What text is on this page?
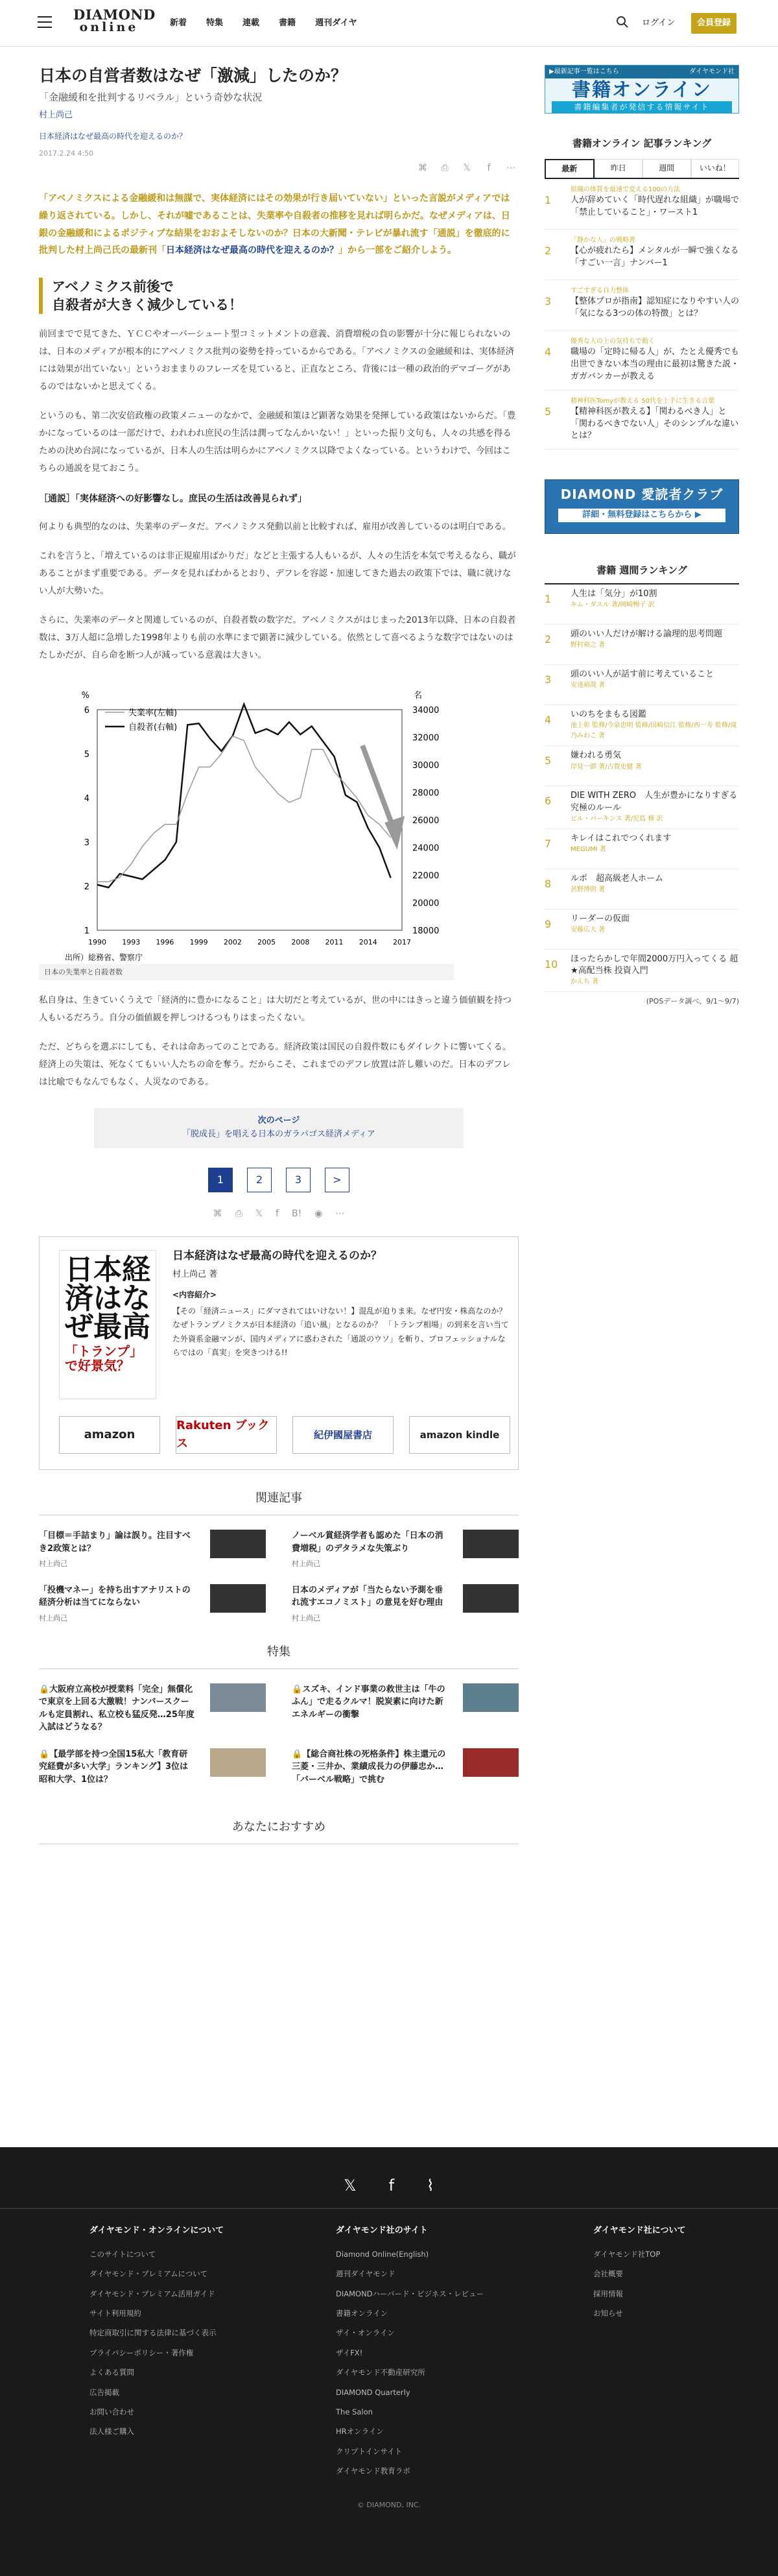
DIAMOND
online	新着 特集 連載 書籍 週刊ダイヤ	ログイン	会員登録
日本の自営者数はなぜ「激減」したのか？
「金融緩和を批判するリベラル」という奇妙な状況
村上尚己
日本経済はなぜ最高の時代を迎えるのか？
2017.2.24 4:50
⌘	⎙	𝕏	f	⋯
「アベノミクスによる金融緩和は無謀で、実体経済にはその効果が行き届いていない」といった言説がメディアでは繰り返されている。しかし、それが嘘であることは、失業率や自殺者の推移を見れば明らかだ。なぜメディアは、日銀の金融緩和によるポジティブな結果をおおよそしないのか？日本の大新聞・テレビが暴れ流す「通説」を徹底的に批判した村上尚己氏の最新刊「日本経済はなぜ最高の時代を迎えるのか？」から一部をご紹介しよう。
アベノミクス前後で
自殺者が大きく減少している！
前回までで見てきた、ＹＣＣやオーバーシュート型コミットメントの意義、消費増税の負の影響が十分に報じられないのは、日本のメディアが根本的にアベノミクス批判の姿勢を持っているからである。「アベノミクスの金融緩和は、実体経済には効果が出ていない」というおままりのフレーズを見ていると、正直なところ、背後には一種の政治的デマゴーグがあるのではないかと思えてくる。
というのも、第二次安倍政権の政策メニューのなかで、金融緩和策ほど顕著な効果を発揮している政策はないからだ。「豊かになっているのは一部だけで、われわれ庶民の生活は潤ってなんかいない！」といった振り文句も、人々の共感を得るための決め台詞になっているが、日本人の生活は明らかにアベノミクス以降でよくなっている。というわけで、今回はこちらの通説を見ておこう。
［通説］「実体経済への好影響なし。庶民の生活は改善見られず」
何よりも典型的なのは、失業率のデータだ。アベノミクス発動以前と比較すれば、雇用が改善しているのは明白である。
これを言うと、「増えているのは非正規雇用ばかりだ」などと主張する人もいるが、人々の生活を本気で考えるなら、職があることがまず重要である。データを見ればわかるとおり、デフレを容認・加速してきた過去の政策下では、職に就けない人が大勢いた。
さらに、失業率のデータと関連しているのが、自殺者数の数字だ。アベノミクスがはじまった2013年以降、日本の自殺者数は、3万人超に急増した1998年よりも前の水準にまで顕著に減少している。依然として喜べるような数字ではないのはたしかだが、自ら命を断つ人が減っている意義は大きい。
%	名
6
5
4
3
2
1
34000
32000
30000
28000
26000
24000
22000
20000
18000
1990 1993 1996 1999 2002 2005 2008 2011 2014 2017
失業率(左軸)
自殺者(右軸)
出所）総務省、警察庁
日本の失業率と自殺者数
私自身は、生きていくうえで「経済的に豊かになること」は大切だと考えているが、世の中にはきっと違う価値観を持つ人もいるだろう。自分の価値観を押しつけるつもりはまったくない。
ただ、どちらを選ぶにしても、それは命あってのことである。経済政策は国民の自殺件数にもダイレクトに響いてくる。経済上の失策は、死なくてもいい人たちの命を奪う。だからこそ、これまでのデフレ放置は許し難いのだ。日本のデフレは比喩でもなんでもなく、人災なのである。
次のページ
「脱成長」を唱える日本のガラパゴス経済メディア
1	2	3	>
⌘ ⎙ 𝕏 f B! ◉ ⋯
日本経済はなぜ最高
「トランプ」で好景気？
日本経済はなぜ最高の時代を迎えるのか？
村上尚己 著
<内容紹介>
【その「経済ニュース」にダマされてはいけない！】混乱が迫りま来。なぜ円安・株高なのか？ なぜトランプノミクスが日本経済の「追い風」となるのか？ 「トランプ相場」の到来を言い当てた外資系金融マンが、国内メディアに惑わされた「通説のウソ」を斬り、プロフェッショナルならではの「真実」を突きつける!!
amazon
Rakuten ブックス
紀伊國屋書店	amazon kindle
関連記事
「目標＝手詰まり」論は誤り。注目すべき2政策とは？
村上尚己
ノーベル賞経済学者も認めた「日本の消費増税」のデタラメな失策ぶり
村上尚己
「投機マネー」を持ち出すアナリストの経済分析は当てにならない
村上尚己
日本のメディアが「当たらない予測を垂れ流すエコノミスト」の意見を好む理由
村上尚己
特集
🔒大阪府立高校が授業料「完全」無償化で東京を上回る大激戦！ナンバースクールも定員割れ、私立校も猛反発…25年度入試はどうなる？
🔒スズキ、インド事業の救世主は「牛のふん」で走るクルマ！脱炭素に向けた新エネルギーの衝撃
🔒【最学部を持つ全国15私大「教育研究経費が多い大学」ランキング】3位は昭和大学、1位は？
🔒【総合商社株の死格条件】株主還元の三菱・三井か、業績成長力の伊藤忠か…「バーベル戦略」で挑む
あなたにおすすめ
▶最新記事一覧はこちら	ダイヤモンド社
書籍オンライン
書籍編集者が発信する情報サイト
書籍オンライン 記事ランキング
最新	昨日	週間	いいね！
1
組織の体質を最速で変える100の方法
人が辞めていく「時代遅れな組織」が職場で「禁止していること」・ワースト1
2
「静かな人」の戦略書
【心が疲れたら】メンタルが一瞬で強くなる「すごい一言」ナンバー1
3
すごすぎる自力整体
【整体プロが指南】認知症になりやすい人の「気になる3つの体の特徴」とは？
4
優秀な人の上の気持ちで動く
職場の「定時に帰る人」が、たとえ優秀でも出世できない本当の理由に最初は驚きた説・ガガバンカーが教える
5
精神科医Tomyが教える 50代を上手に生きる言葉
【精神科医が教える】「関わるべき人」と「関わるべきでない人」そのシンプルな違いとは？
DIAMOND 愛読者クラブ
詳細・無料登録はこちらから ▶
書籍 週間ランキング
1	人生は「気分」が10割
キム・ダスル 著/岡崎暢子 訳
2	頭のいい人だけが解ける論理的思考問題
野村裕之 著
3	頭のいい人が話す前に考えていること
安達裕哉 著
4	いのちをまもる図鑑
池上彰 監修/今泉忠明 監修/国崎信江 監修/西一寿 監修/滝乃みわこ 著
5	嫌われる勇気
岸見一郎 著/古賀史健 著
6	DIE WITH ZERO　人生が豊かになりすぎる究極のルール
ビル・パーキンス 著/児島 修 訳
7	キレイはこれでつくれます
MEGUMI 著
8	ルポ　超高級老人ホーム
甚野博則 著
9	リーダーの仮面
安藤広大 著
10 ほったらかしで年間2000万円入ってくる 超★高配当株 投資入門
かんち 著
(POSデータ調べ、9/1〜9/7)
𝕏 f ⌇
ダイヤモンド・オンラインについて
このサイトについて
ダイヤモンド・プレミアムについて
ダイヤモンド・プレミアム活用ガイド
サイト利用規約
特定商取引に関する法律に基づく表示
プライバシーポリシー・著作権
よくある質問
広告掲載
お問い合わせ
法人様ご購入
ダイヤモンド社のサイト
Diamond Online(English)
週刊ダイヤモンド
DIAMONDハーバード・ビジネス・レビュー
書籍オンライン
ザイ・オンライン
ザイFX!
ダイヤモンド不動産研究所
DIAMOND Quarterly
The Salon
HRオンライン
クリプトインサイト
ダイヤモンド教育ラボ
ダイヤモンド社について
ダイヤモンド社TOP
会社概要
採用情報
お知らせ
© DIAMOND, INC.
